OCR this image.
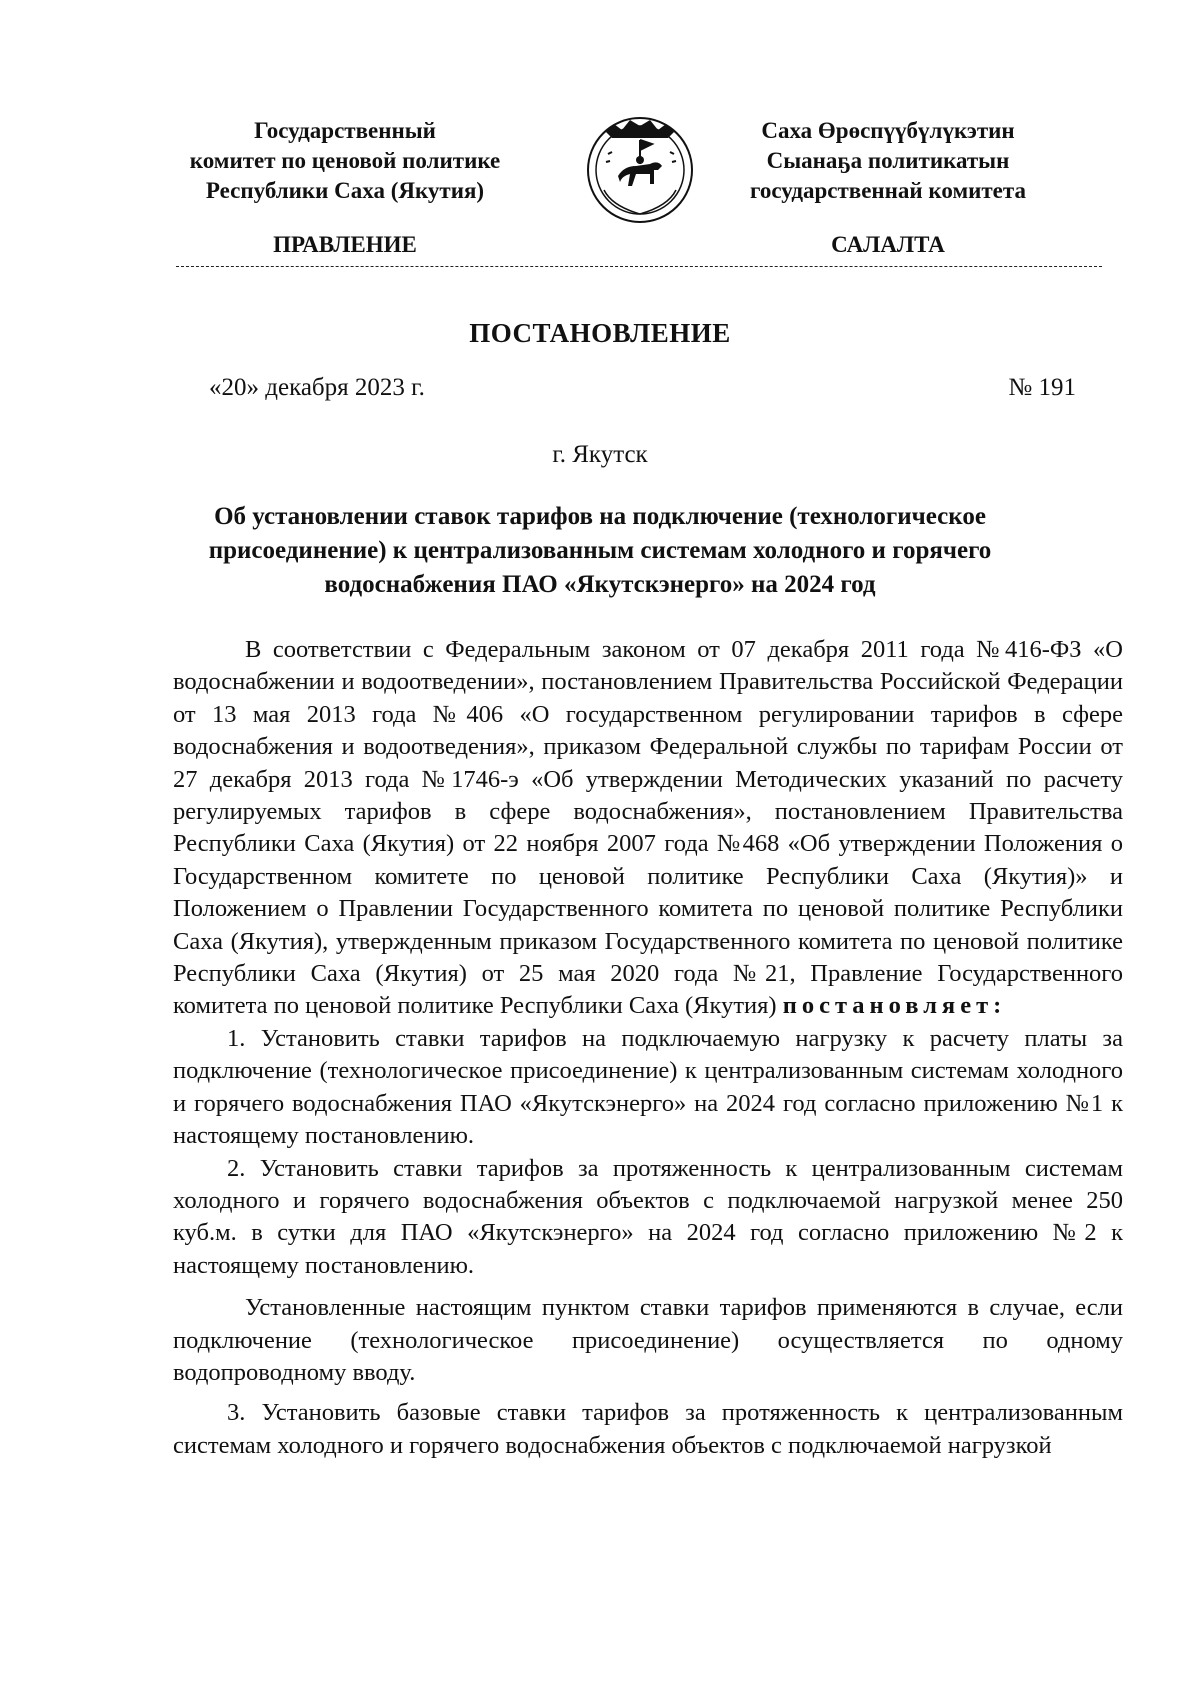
Государственный
комитет по ценовой политике
Республики Саха (Якутия)
Саха Өрөспүүбүлүкэтин
Сыанаҕа политикатын
государственнай комитета
ПРАВЛЕНИЕ	САЛАЛТА
ПОСТАНОВЛЕНИЕ
«20» декабря 2023 г.	№ 191
г. Якутск
Об установлении ставок тарифов на подключение (технологическое
присоединение) к централизованным системам холодного и горячего
водоснабжения ПАО «Якутскэнерго» на 2024 год

В соответствии с Федеральным законом от 07 декабря 2011 года №416-ФЗ «О водоснабжении и водоотведении», постановлением Правительства Российской Федерации от 13 мая 2013 года №406 «О государственном регулировании тарифов в сфере водоснабжения и водоотведения», приказом Федеральной службы по тарифам России от 27 декабря 2013 года №1746-э «Об утверждении Методических указаний по расчету регулируемых тарифов в сфере водоснабжения», постановлением Правительства Республики Саха (Якутия) от 22 ноября 2007 года №468 «Об утверждении Положения о Государственном комитете по ценовой политике Республики Саха (Якутия)» и Положением о Правлении Государственного комитета по ценовой политике Республики Саха (Якутия), утвержденным приказом Государственного комитета по ценовой политике Республики Саха (Якутия) от 25 мая 2020 года №21, Правление Государственного комитета по ценовой политике Республики Саха (Якутия) постановляет:

1. Установить ставки тарифов на подключаемую нагрузку к расчету платы за подключение (технологическое присоединение) к централизованным системам холодного и горячего водоснабжения ПАО «Якутскэнерго» на 2024 год согласно приложению №1 к настоящему постановлению.

2. Установить ставки тарифов за протяженность к централизованным системам холодного и горячего водоснабжения объектов с подключаемой нагрузкой менее 250 куб.м. в сутки для ПАО «Якутскэнерго» на 2024 год согласно приложению №2 к настоящему постановлению.

Установленные настоящим пунктом ставки тарифов применяются в случае, если подключение (технологическое присоединение) осуществляется по одному водопроводному вводу.

3. Установить базовые ставки тарифов за протяженность к централизованным системам холодного и горячего водоснабжения объектов с подключаемой нагрузкой
